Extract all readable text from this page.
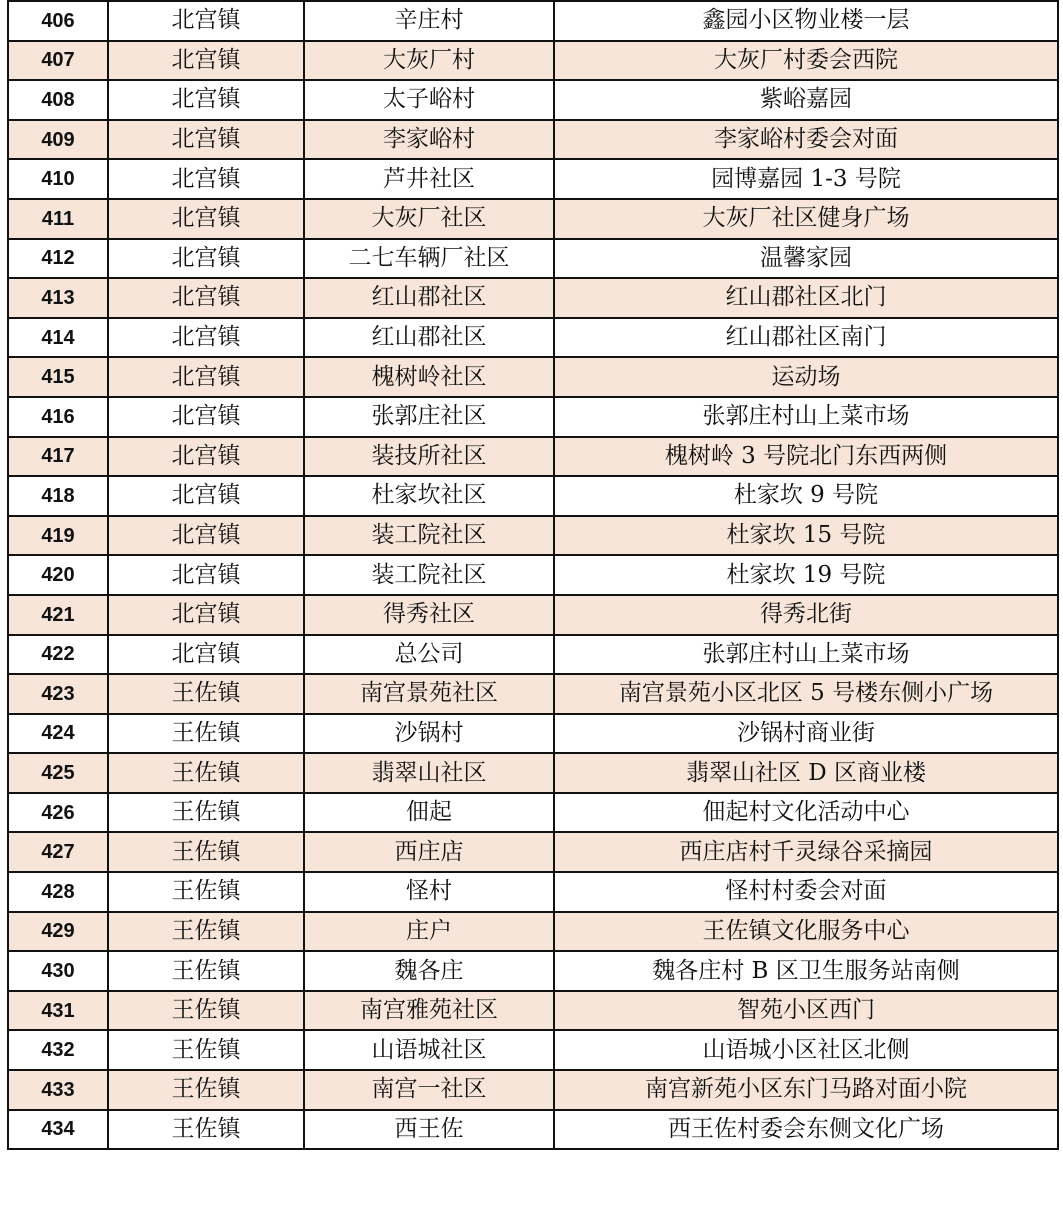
406	北宫镇	辛庄村	鑫园小区物业楼一层
407	北宫镇	大灰厂村	大灰厂村委会西院
408	北宫镇	太子峪村	紫峪嘉园
409	北宫镇	李家峪村	李家峪村委会对面
410	北宫镇	芦井社区	园博嘉园 1-3 号院
411	北宫镇	大灰厂社区	大灰厂社区健身广场
412	北宫镇	二七车辆厂社区	温馨家园
413	北宫镇	红山郡社区	红山郡社区北门
414	北宫镇	红山郡社区	红山郡社区南门
415	北宫镇	槐树岭社区	运动场
416	北宫镇	张郭庄社区	张郭庄村山上菜市场
417	北宫镇	装技所社区	槐树岭 3 号院北门东西两侧
418	北宫镇	杜家坎社区	杜家坎 9 号院
419	北宫镇	装工院社区	杜家坎 15 号院
420	北宫镇	装工院社区	杜家坎 19 号院
421	北宫镇	得秀社区	得秀北街
422	北宫镇	总公司	张郭庄村山上菜市场
423	王佐镇	南宫景苑社区	南宫景苑小区北区 5 号楼东侧小广场
424	王佐镇	沙锅村	沙锅村商业街
425	王佐镇	翡翠山社区	翡翠山社区 D 区商业楼
426	王佐镇	佃起	佃起村文化活动中心
427	王佐镇	西庄店	西庄店村千灵绿谷采摘园
428	王佐镇	怪村	怪村村委会对面
429	王佐镇	庄户	王佐镇文化服务中心
430	王佐镇	魏各庄	魏各庄村 B 区卫生服务站南侧
431	王佐镇	南宫雅苑社区	智苑小区西门
432	王佐镇	山语城社区	山语城小区社区北侧
433	王佐镇	南宫一社区	南宫新苑小区东门马路对面小院
434	王佐镇	西王佐	西王佐村委会东侧文化广场
